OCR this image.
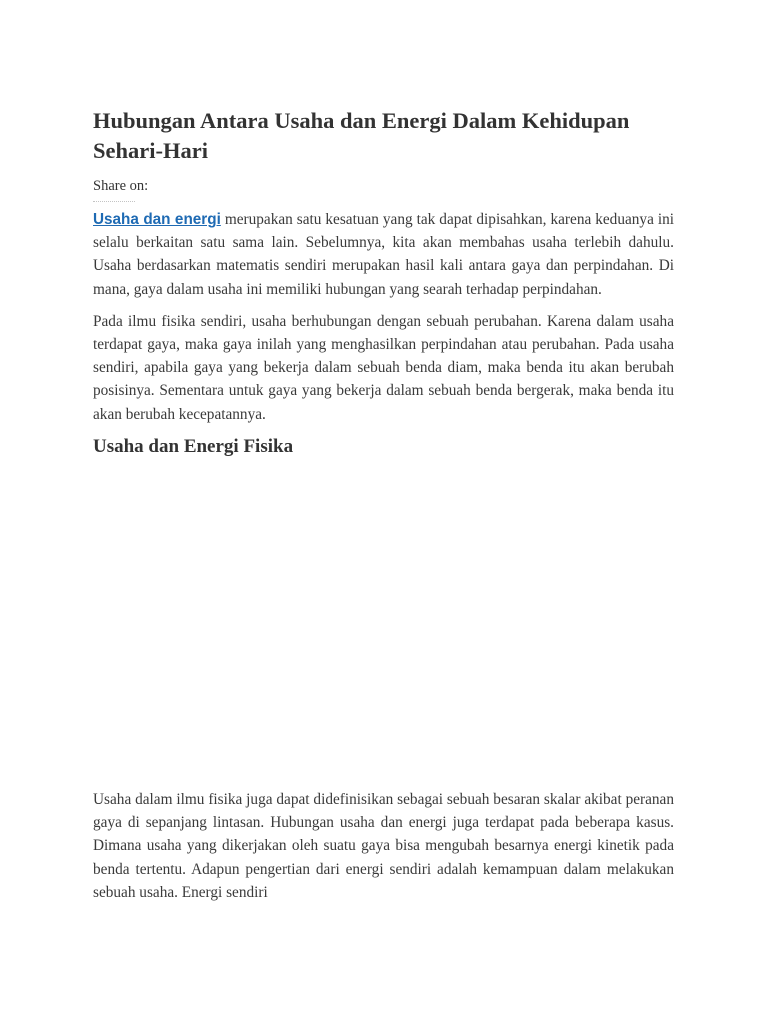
Hubungan Antara Usaha dan Energi Dalam Kehidupan Sehari-Hari
Share on:

Usaha dan energi merupakan satu kesatuan yang tak dapat dipisahkan, karena keduanya ini selalu berkaitan satu sama lain. Sebelumnya, kita akan membahas usaha terlebih dahulu. Usaha berdasarkan matematis sendiri merupakan hasil kali antara gaya dan perpindahan. Di mana, gaya dalam usaha ini memiliki hubungan yang searah terhadap perpindahan.

Pada ilmu fisika sendiri, usaha berhubungan dengan sebuah perubahan. Karena dalam usaha terdapat gaya, maka gaya inilah yang menghasilkan perpindahan atau perubahan. Pada usaha sendiri, apabila gaya yang bekerja dalam sebuah benda diam, maka benda itu akan berubah posisinya. Sementara untuk gaya yang bekerja dalam sebuah benda bergerak, maka benda itu akan berubah kecepatannya.

Usaha dan Energi Fisika

Usaha dalam ilmu fisika juga dapat didefinisikan sebagai sebuah besaran skalar akibat peranan gaya di sepanjang lintasan. Hubungan usaha dan energi juga terdapat pada beberapa kasus. Dimana usaha yang dikerjakan oleh suatu gaya bisa mengubah besarnya energi kinetik pada benda tertentu. Adapun pengertian dari energi sendiri adalah kemampuan dalam melakukan sebuah usaha. Energi sendiri
